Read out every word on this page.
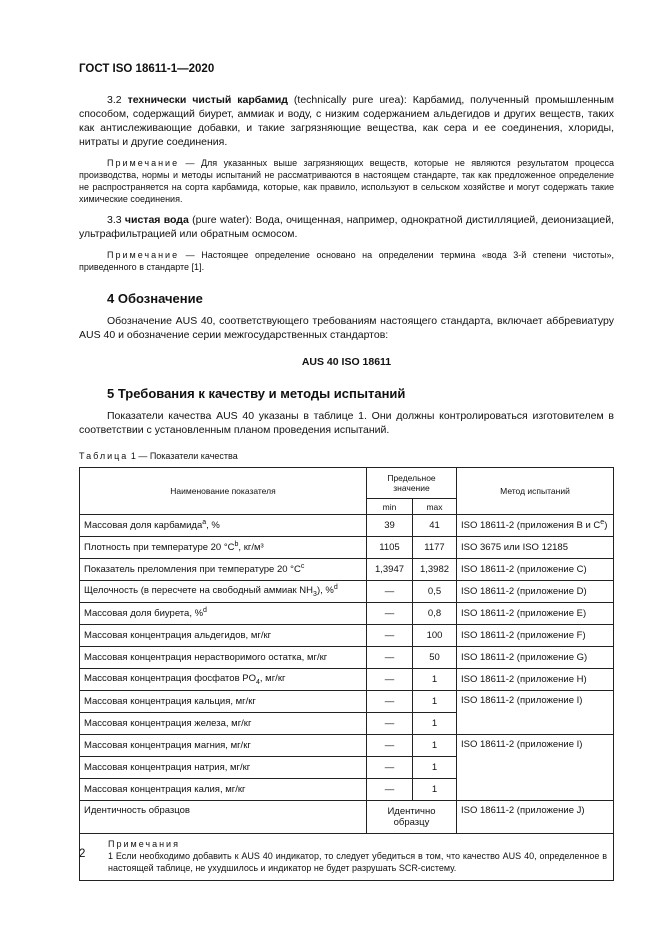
ГОСТ ISO 18611-1—2020

3.2 технически чистый карбамид (technically pure urea): Карбамид, полученный промышленным способом, содержащий биурет, аммиак и воду, с низким содержанием альдегидов и других веществ, таких как антислеживающие добавки, и такие загрязняющие вещества, как сера и ее соединения, хлориды, нитраты и другие соединения.

Примечание — Для указанных выше загрязняющих веществ, которые не являются результатом процесса производства, нормы и методы испытаний не рассматриваются в настоящем стандарте, так как предложенное определение не распространяется на сорта карбамида, которые, как правило, используют в сельском хозяйстве и могут содержать такие химические соединения.

3.3 чистая вода (pure water): Вода, очищенная, например, однократной дистилляцией, деионизацией, ультрафильтрацией или обратным осмосом.

Примечание — Настоящее определение основано на определении термина «вода 3-й степени чистоты», приведенного в стандарте [1].

4 Обозначение

Обозначение AUS 40, соответствующего требованиям настоящего стандарта, включает аббревиатуру AUS 40 и обозначение серии межгосударственных стандартов:

AUS 40 ISO 18611
5 Требования к качеству и методы испытаний

Показатели качества AUS 40 указаны в таблице 1. Они должны контролироваться изготовителем в соответствии с установленным планом проведения испытаний.

Таблица 1 — Показатели качества
Наименование показателя	Предельное значение		Метод испытаний
	min	max	
Массовая доля карбамида$^a$, %	39	41	ISO 18611-2 (приложения B и Ce)
Плотность при температуре 20 $^\circ C^b$, кг/м³	1105	1177	ISO 3675 или ISO 12185
Показатель преломления при температуре 20 $^\circ C^c$	1,3947	1,3982	ISO 18611-2 (приложение C)
Щелочность (в пересчете на свободный аммиак $NH_3$), %$^d$	—	0,5	ISO 18611-2 (приложение D)
Массовая доля биурета, %$^d$	—	0,8	ISO 18611-2 (приложение E)
Массовая концентрация альдегидов, мг/кг	—	100	ISO 18611-2 (приложение F)
Массовая концентрация нерастворимого остатка, мг/кг	—	50	ISO 18611-2 (приложение G)
Массовая концентрация фосфатов $PO_4$, мг/кг	—	1	ISO 18611-2 (приложение H)
Массовая концентрация кальция, мг/кг	—	1	ISO 18611-2 (приложение I)
Массовая концентрация железа, мг/кг	—	1	
Массовая концентрация магния, мг/кг	—	1	ISO 18611-2 (приложение I)
Массовая концентрация натрия, мг/кг	—	1	
Массовая концентрация калия, мг/кг	—	1	
Идентичность образцов	Идентично образцу		ISO 18611-2 (приложение J)

Примечания
1 Если необходимо добавить к AUS 40 индикатор, то следует убедиться в том, что качество AUS 40, определенное в настоящей таблице, не ухудшилось и индикатор не будет разрушать SCR-систему.			
2
